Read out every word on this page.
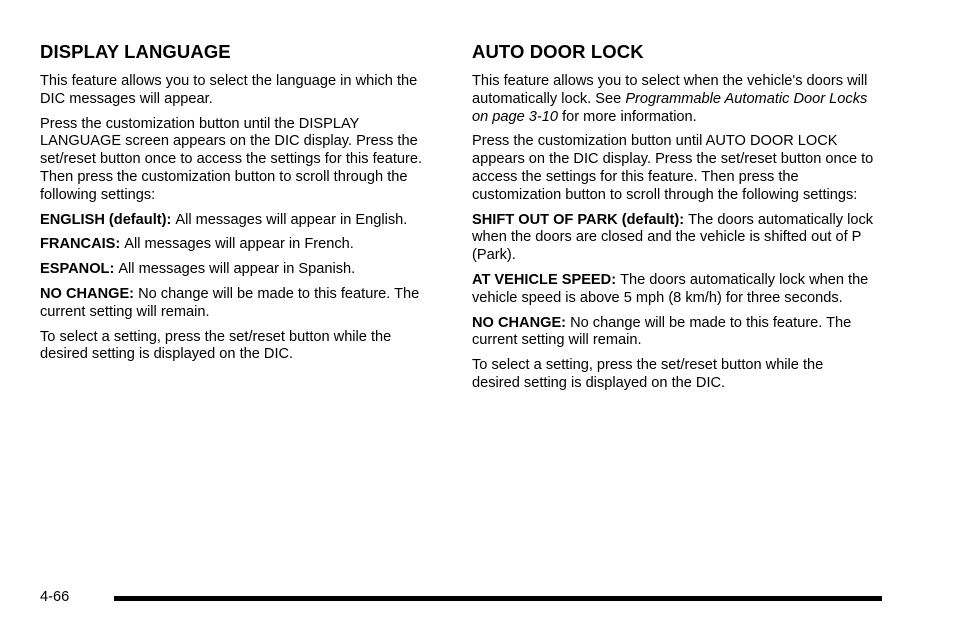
DISPLAY LANGUAGE

This feature allows you to select the language in which the DIC messages will appear.

Press the customization button until the DISPLAY LANGUAGE screen appears on the DIC display. Press the set/reset button once to access the settings for this feature. Then press the customization button to scroll through the following settings:

ENGLISH (default): All messages will appear in English.

FRANCAIS: All messages will appear in French.

ESPANOL: All messages will appear in Spanish.

NO CHANGE: No change will be made to this feature. The current setting will remain.

To select a setting, press the set/reset button while the desired setting is displayed on the DIC.

AUTO DOOR LOCK

This feature allows you to select when the vehicle's doors will automatically lock. See Programmable Automatic Door Locks on page 3-10 for more information.

Press the customization button until AUTO DOOR LOCK appears on the DIC display. Press the set/reset button once to access the settings for this feature. Then press the customization button to scroll through the following settings:

SHIFT OUT OF PARK (default): The doors automatically lock when the doors are closed and the vehicle is shifted out of P (Park).

AT VEHICLE SPEED: The doors automatically lock when the vehicle speed is above 5 mph (8 km/h) for three seconds.

NO CHANGE: No change will be made to this feature. The current setting will remain.

To select a setting, press the set/reset button while the desired setting is displayed on the DIC.

4-66
